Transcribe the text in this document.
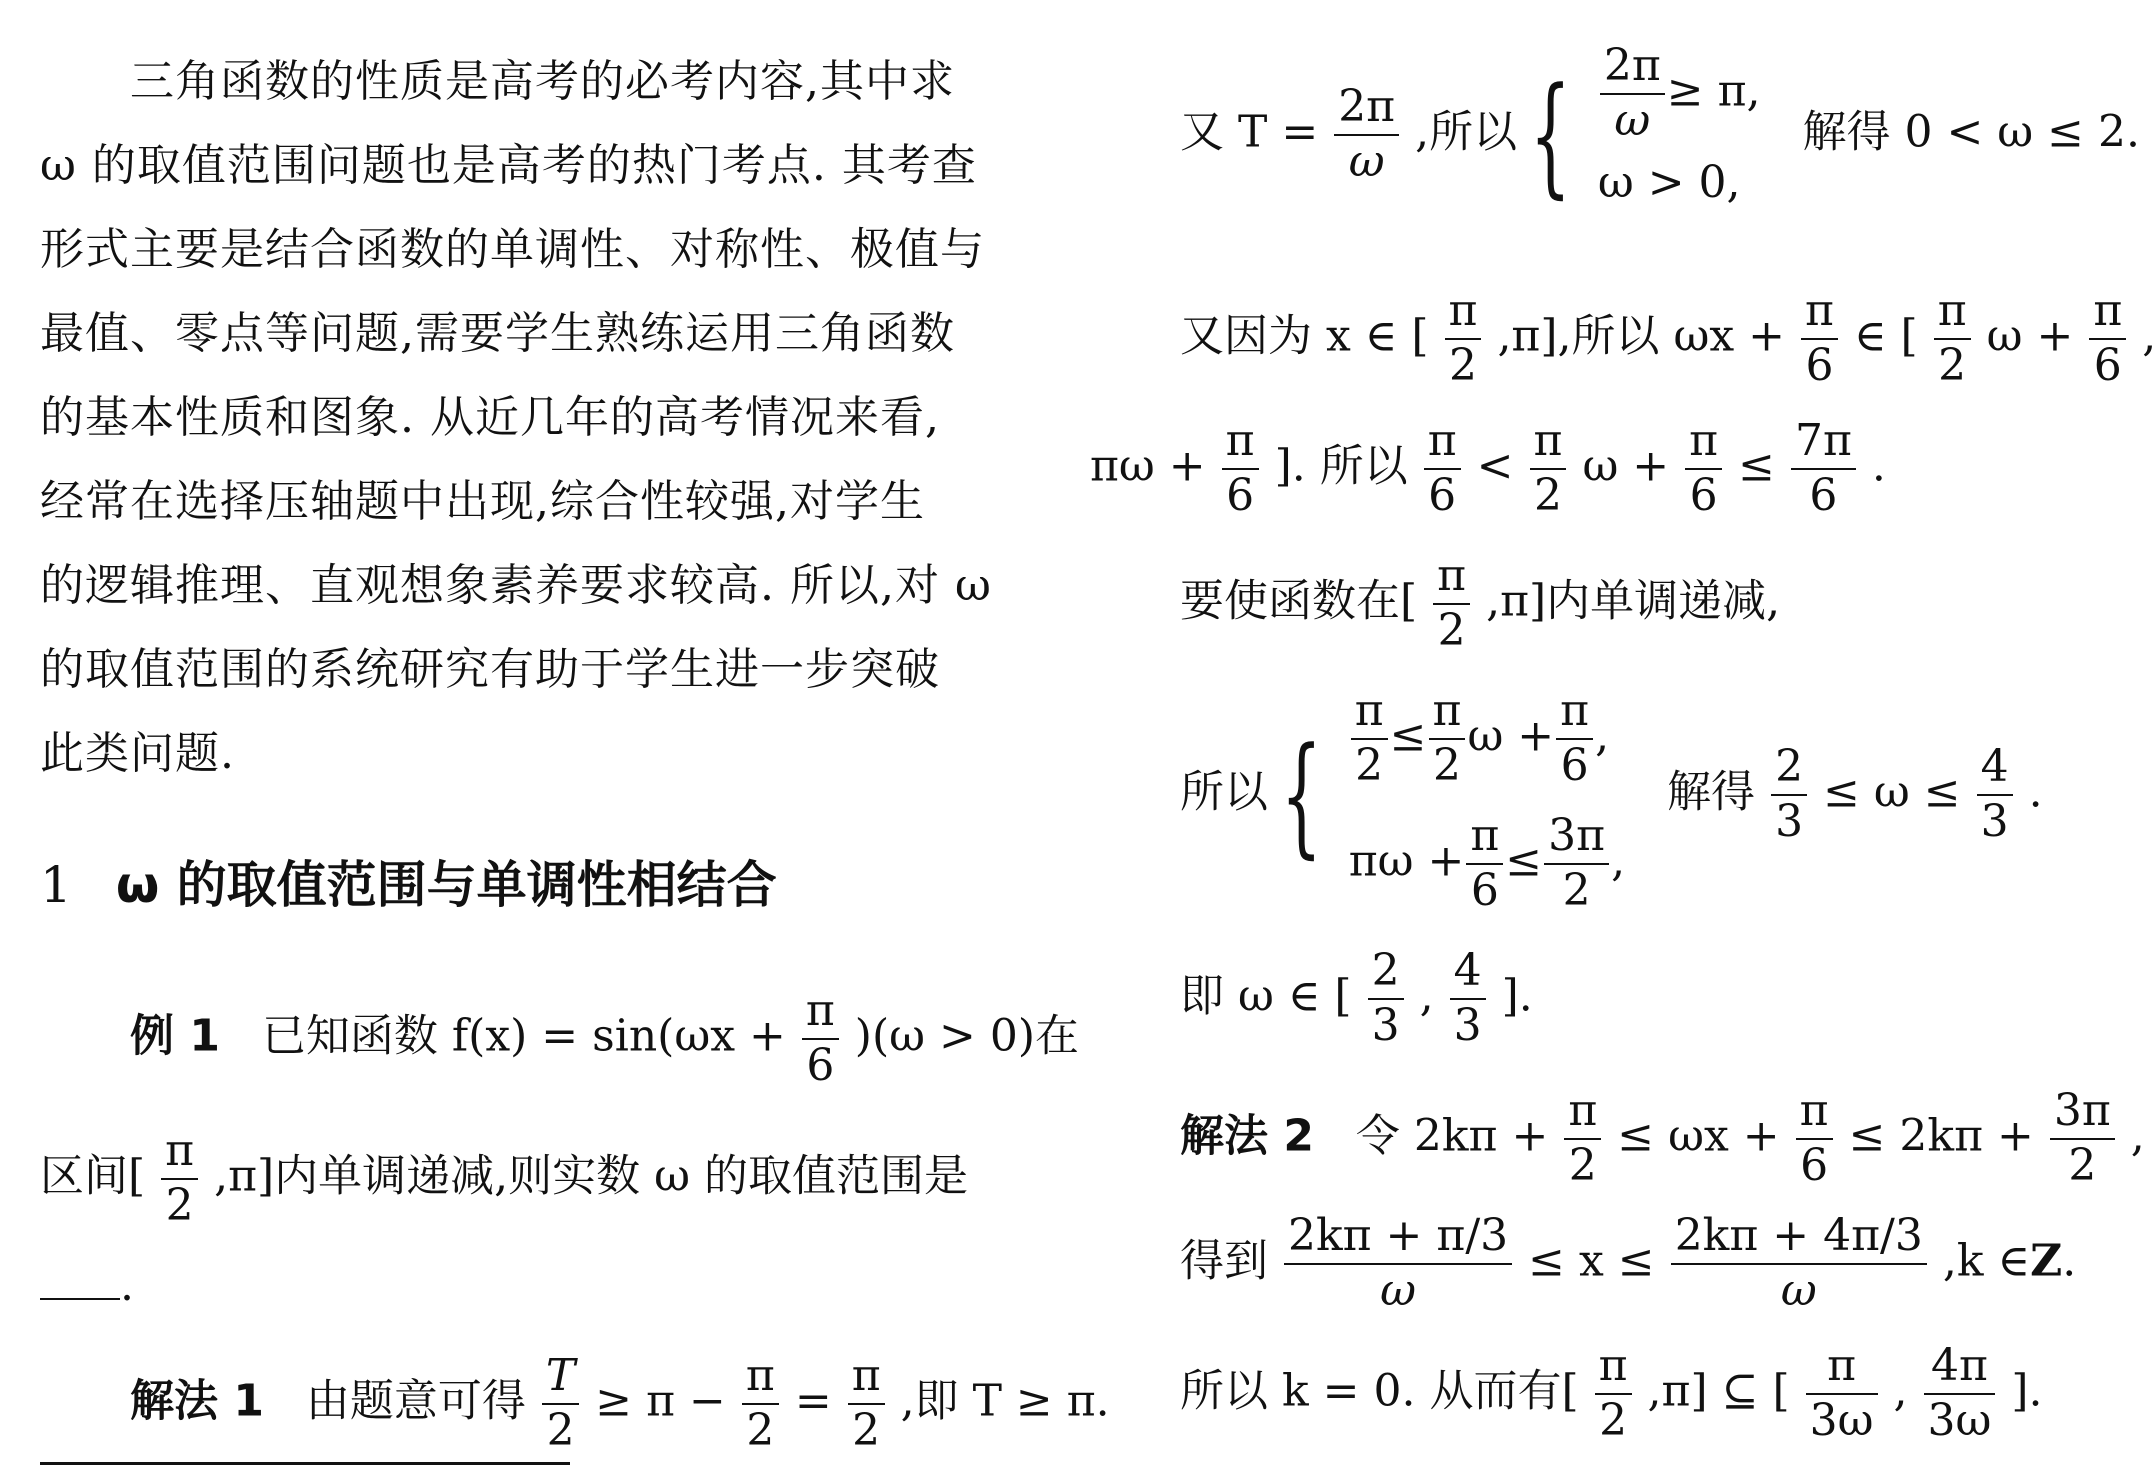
三角函数的性质是高考的必考内容,其中求
ω 的取值范围问题也是高考的热门考点. 其考查
形式主要是结合函数的单调性、对称性、极值与
最值、零点等问题,需要学生熟练运用三角函数
的基本性质和图象. 从近几年的高考情况来看,
经常在选择压轴题中出现,综合性较强,对学生
的逻辑推理、直观想象素养要求较高. 所以,对 ω
的取值范围的系统研究有助于学生进一步突破
此类问题.
1 ω 的取值范围与单调性相结合
例 1 已知函数 $f(x) = \sin(\omega x + \frac{\pi}{6} )(\omega > 0)$在
区间[ $\frac{\pi}{2} ,\pi$]内单调递减,则实数 ω 的取值范围是
.
解法 1 由题意可得 $\frac{T}{2} \ge \pi - \frac{\pi}{2} = \frac{\pi}{2}$ ,即 T ≥ π.
又 $T = \frac{2\pi}{\omega}$ ,所以{ $\frac{2\pi}{\omega} \ge \pi$,
ω > 0,
解得 0 < ω ≤ 2.
又因为 x ∈ [ $\frac{\pi}{2} ,\pi$],所以 $\omega x + \frac{\pi}{6}$ ∈ [ $\frac{\pi}{2}$ $\omega + \frac{\pi}{6}$ ,
$\pi\omega + \frac{\pi}{6}$ ]. 所以 $\frac{\pi}{6} < \frac{\pi}{2}$ $\omega + \frac{\pi}{6} \le \frac{7\pi}{6}$ .
要使函数在[ $\frac{\pi}{2} ,\pi$]内单调递减,
所以{ $\frac{\pi}{2} \le \frac{\pi}{2}$ $\omega + \frac{\pi}{6}$ ,
$\pi\omega + \frac{\pi}{6} \le \frac{3\pi}{2}$ ,
解得 $\frac{2}{3} \le \omega \le \frac{4}{3}$ .
即 ω ∈ [ $\frac{2}{3}$ , $\frac{4}{3}$ ].
解法 2 令 $2k\pi + \frac{\pi}{2} \le \omega x + \frac{\pi}{6} \le 2k\pi + \frac{3\pi}{2}$ ,
得到 $\frac{2k\pi + \pi/3}{\omega} \le x \le \frac{2k\pi + 4\pi/3}{\omega} ,k$ ∈Z.
所以 k = 0. 从而有[ $\frac{\pi}{2} ,\pi$] ⊆ [ $\frac{\pi}{3\omega}$ , $\frac{4\pi}{3\omega}$ ].
